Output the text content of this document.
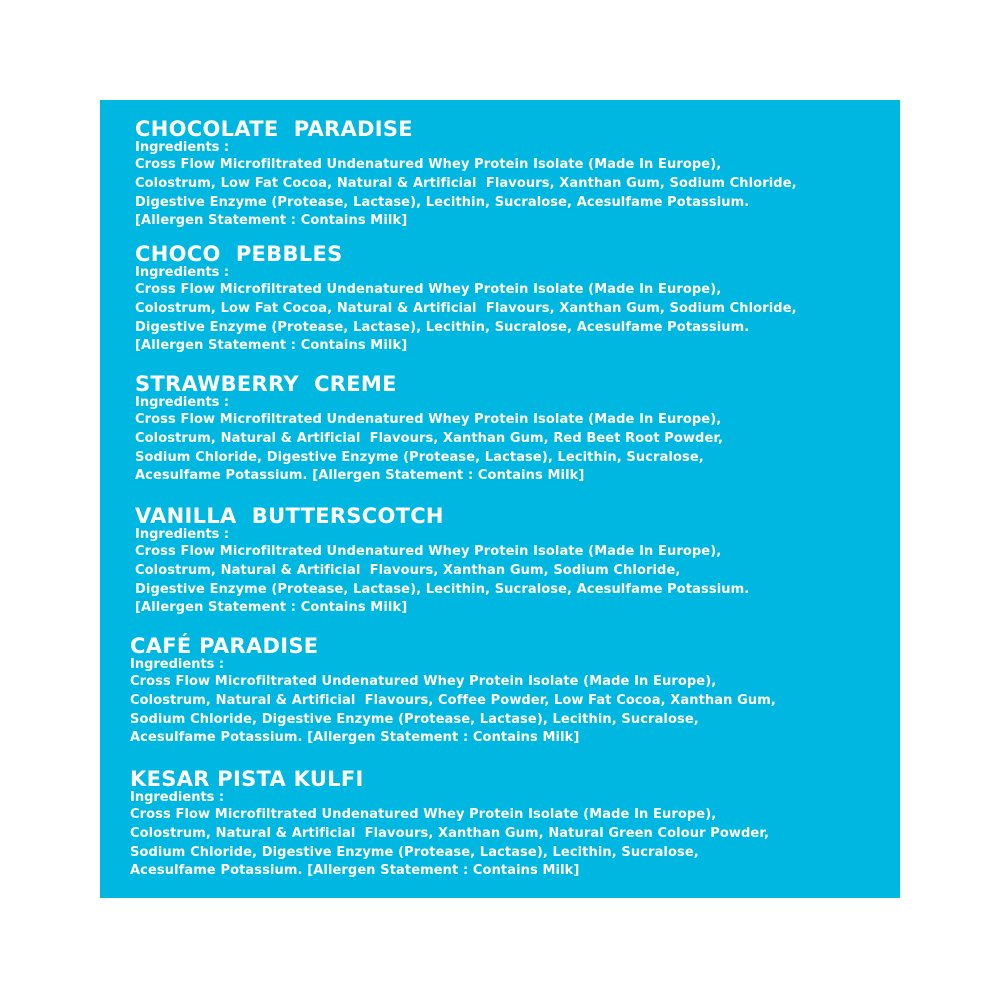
CHOCOLATE  PARADISE
Ingredients :
Cross Flow Microfiltrated Undenatured Whey Protein Isolate (Made In Europe),
Colostrum, Low Fat Cocoa, Natural & Artificial  Flavours, Xanthan Gum, Sodium Chloride,
Digestive Enzyme (Protease, Lactase), Lecithin, Sucralose, Acesulfame Potassium.
[Allergen Statement : Contains Milk]
CHOCO  PEBBLES
Ingredients :
Cross Flow Microfiltrated Undenatured Whey Protein Isolate (Made In Europe),
Colostrum, Low Fat Cocoa, Natural & Artificial  Flavours, Xanthan Gum, Sodium Chloride,
Digestive Enzyme (Protease, Lactase), Lecithin, Sucralose, Acesulfame Potassium.
[Allergen Statement : Contains Milk]
STRAWBERRY  CREME
Ingredients :
Cross Flow Microfiltrated Undenatured Whey Protein Isolate (Made In Europe),
Colostrum, Natural & Artificial  Flavours, Xanthan Gum, Red Beet Root Powder,
Sodium Chloride, Digestive Enzyme (Protease, Lactase), Lecithin, Sucralose,
Acesulfame Potassium. [Allergen Statement : Contains Milk]
VANILLA  BUTTERSCOTCH
Ingredients :
Cross Flow Microfiltrated Undenatured Whey Protein Isolate (Made In Europe),
Colostrum, Natural & Artificial  Flavours, Xanthan Gum, Sodium Chloride,
Digestive Enzyme (Protease, Lactase), Lecithin, Sucralose, Acesulfame Potassium.
[Allergen Statement : Contains Milk]
CAFÉ PARADISE
Ingredients :
Cross Flow Microfiltrated Undenatured Whey Protein Isolate (Made In Europe),
Colostrum, Natural & Artificial  Flavours, Coffee Powder, Low Fat Cocoa, Xanthan Gum,
Sodium Chloride, Digestive Enzyme (Protease, Lactase), Lecithin, Sucralose,
Acesulfame Potassium. [Allergen Statement : Contains Milk]
KESAR PISTA KULFI
Ingredients :
Cross Flow Microfiltrated Undenatured Whey Protein Isolate (Made In Europe),
Colostrum, Natural & Artificial  Flavours, Xanthan Gum, Natural Green Colour Powder,
Sodium Chloride, Digestive Enzyme (Protease, Lactase), Lecithin, Sucralose,
Acesulfame Potassium. [Allergen Statement : Contains Milk]
